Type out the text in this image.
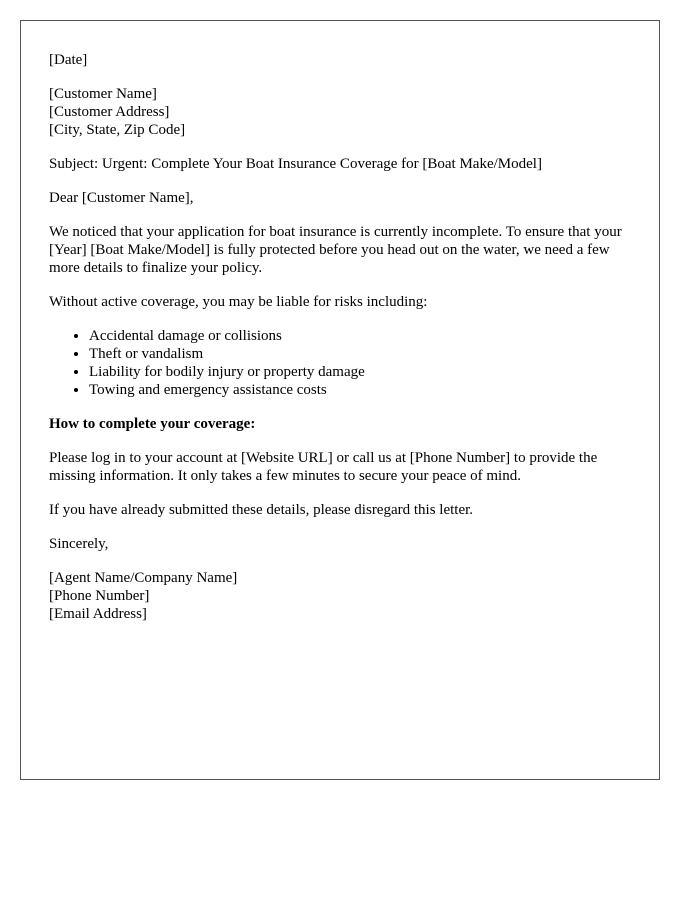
[Date]
[Customer Name]
[Customer Address]
[City, State, Zip Code]

Subject: Urgent: Complete Your Boat Insurance Coverage for [Boat Make/Model]

Dear [Customer Name],

We noticed that your application for boat insurance is currently incomplete. To ensure that your [Year] [Boat Make/Model] is fully protected before you head out on the water, we need a few more details to finalize your policy.

Without active coverage, you may be liable for risks including:

• Accidental damage or collisions
• Theft or vandalism
• Liability for bodily injury or property damage
• Towing and emergency assistance costs

How to complete your coverage:

Please log in to your account at [Website URL] or call us at [Phone Number] to provide the missing information. It only takes a few minutes to secure your peace of mind.

If you have already submitted these details, please disregard this letter.

Sincerely,

[Agent Name/Company Name]
[Phone Number]
[Email Address]
